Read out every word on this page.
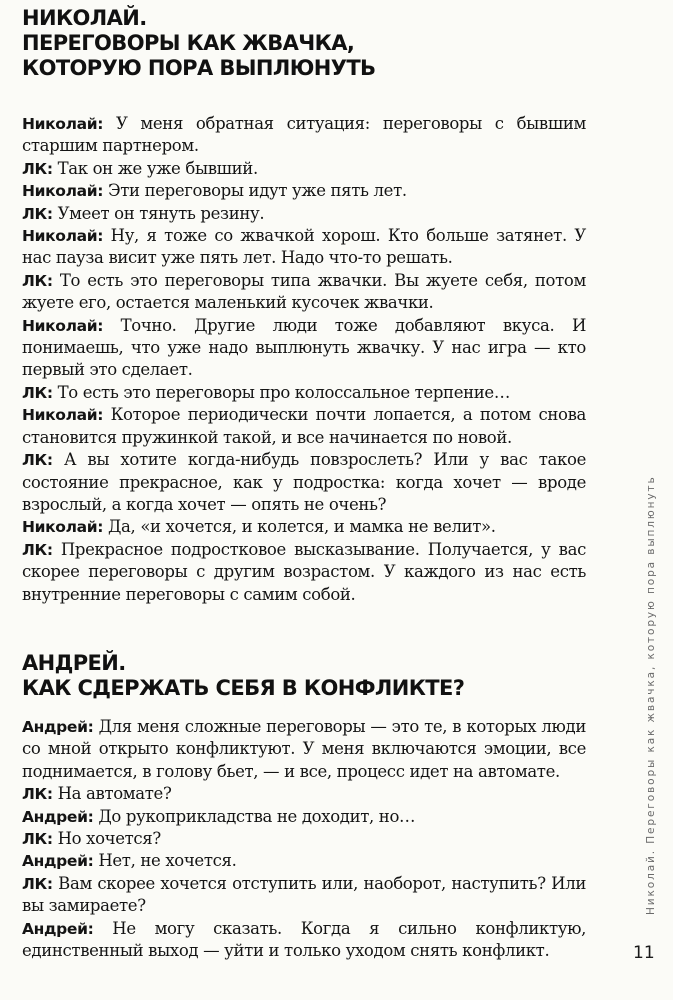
НИКОЛАЙ.
ПЕРЕГОВОРЫ КАК ЖВАЧКА,
КОТОРУЮ ПОРА ВЫПЛЮНУТЬ
Николай: У меня обратная ситуация: переговоры с бывшим старшим партнером.
ЛК: Так он же уже бывший.
Николай: Эти переговоры идут уже пять лет.
ЛК: Умеет он тянуть резину.
Николай: Ну, я тоже со жвачкой хорош. Кто больше затянет. У нас пауза висит уже пять лет. Надо что-то решать.
ЛК: То есть это переговоры типа жвачки. Вы жуете себя, потом жуете его, остается маленький кусочек жвачки.
Николай: Точно. Другие люди тоже добавляют вкуса. И понимаешь, что уже надо выплюнуть жвачку. У нас игра — кто первый это сделает.
ЛК: То есть это переговоры про колоссальное терпение…
Николай: Которое периодически почти лопается, а потом снова становится пружинкой такой, и все начинается по новой.
ЛК: А вы хотите когда-нибудь повзрослеть? Или у вас такое состояние прекрасное, как у подростка: когда хочет — вроде взрослый, а когда хочет — опять не очень?
Николай: Да, «и хочется, и колется, и мамка не велит».
ЛК: Прекрасное подростковое высказывание. Получается, у вас скорее переговоры с другим возрастом. У каждого из нас есть внутренние переговоры с самим собой.
АНДРЕЙ.
КАК СДЕРЖАТЬ СЕБЯ В КОНФЛИКТЕ?
Андрей: Для меня сложные переговоры — это те, в которых люди со мной открыто конфликтуют. У меня включаются эмоции, все поднимается, в голову бьет, — и все, процесс идет на автомате.
ЛК: На автомате?
Андрей: До рукоприкладства не доходит, но…
ЛК: Но хочется?
Андрей: Нет, не хочется.
ЛК: Вам скорее хочется отступить или, наоборот, наступить? Или вы замираете?
Андрей: Не могу сказать. Когда я сильно конфликтую, единственный выход — уйти и только уходом снять конфликт.
Николай. Переговоры как жвачка, которую пора выплюнуть
11
